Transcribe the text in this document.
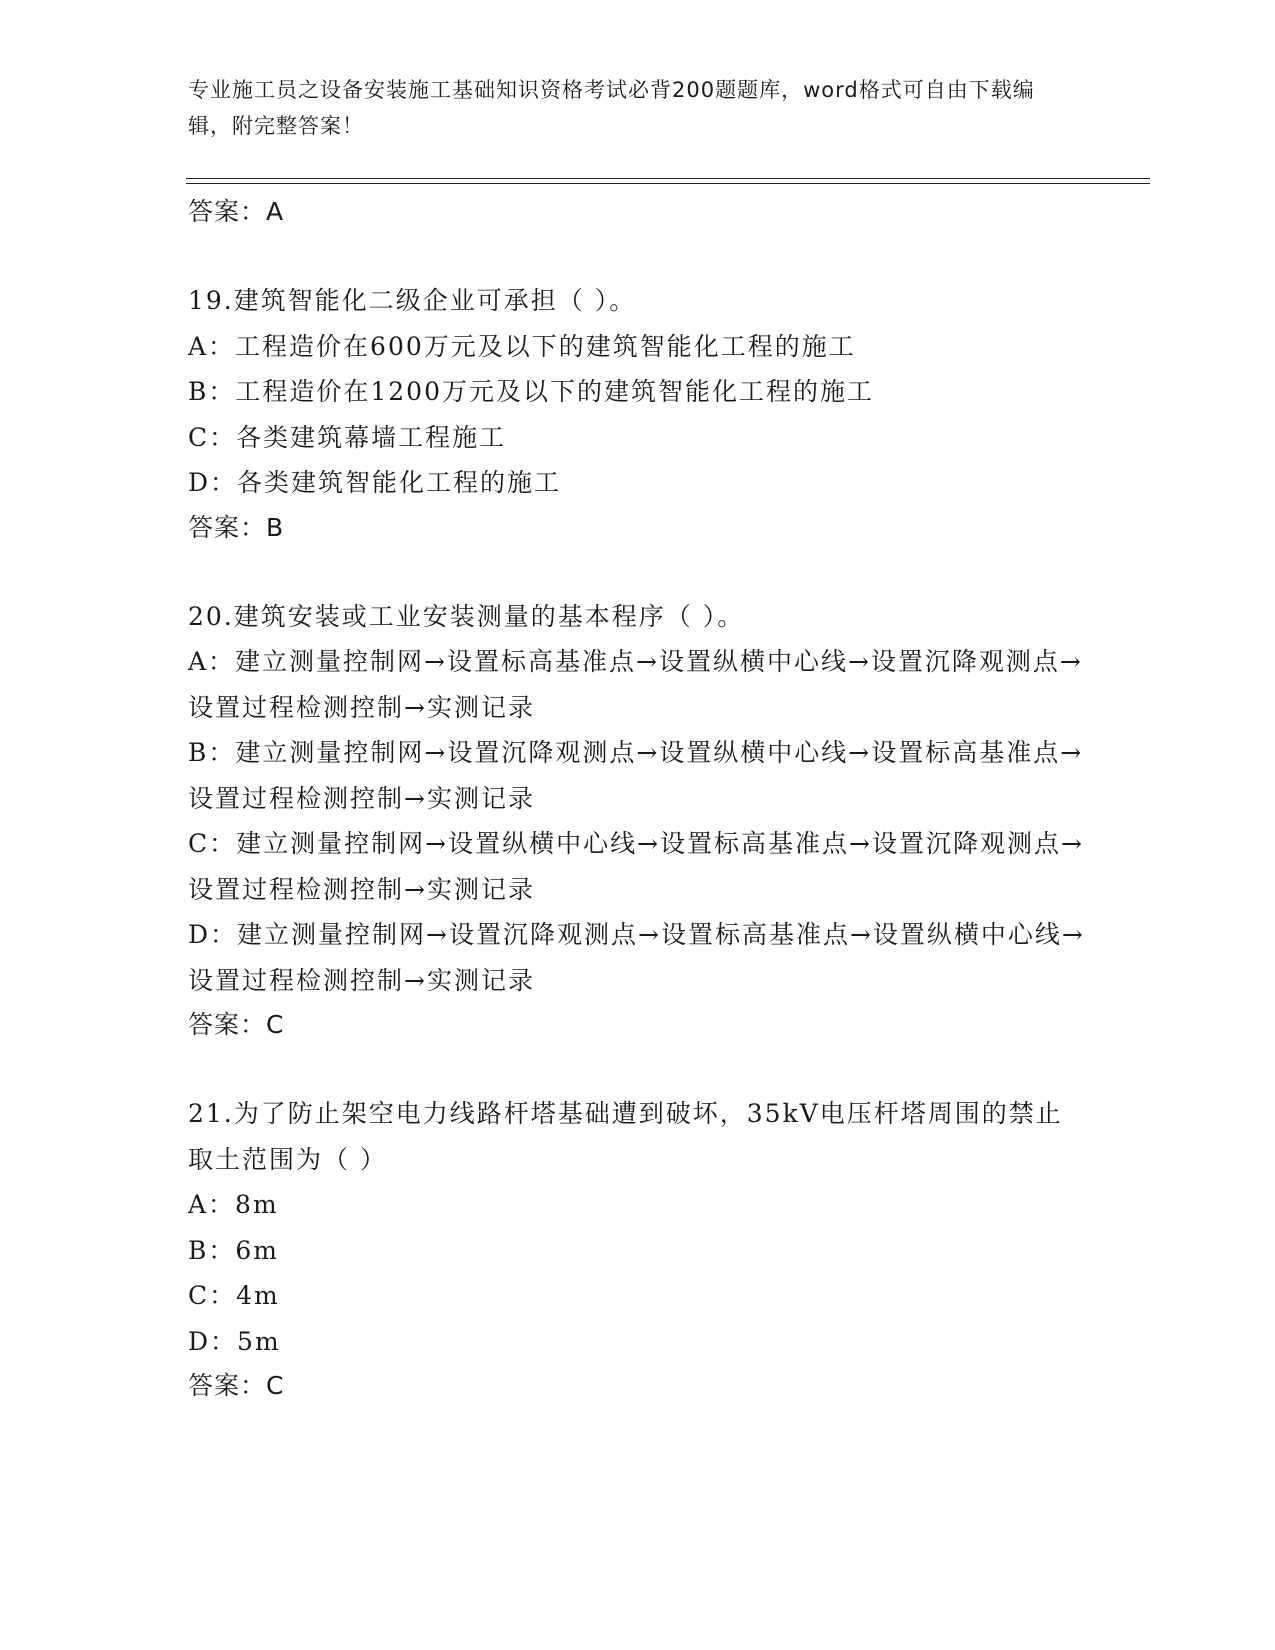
专业施工员之设备安装施工基础知识资格考试必背200题题库，word格式可自由下载编辑，附完整答案！
答案：A
19.建筑智能化二级企业可承担（ ）。
A：工程造价在600万元及以下的建筑智能化工程的施工
B：工程造价在1200万元及以下的建筑智能化工程的施工
C：各类建筑幕墙工程施工
D：各类建筑智能化工程的施工
答案：B
20.建筑安装或工业安装测量的基本程序（ ）。
A：建立测量控制网→设置标高基准点→设置纵横中心线→设置沉降观测点→设置过程检测控制→实测记录
B：建立测量控制网→设置沉降观测点→设置纵横中心线→设置标高基准点→设置过程检测控制→实测记录
C：建立测量控制网→设置纵横中心线→设置标高基准点→设置沉降观测点→设置过程检测控制→实测记录
D：建立测量控制网→设置沉降观测点→设置标高基准点→设置纵横中心线→设置过程检测控制→实测记录
答案：C
21.为了防止架空电力线路杆塔基础遭到破坏，35kV电压杆塔周围的禁止取土范围为（ ）
A：8m
B：6m
C：4m
D：5m
答案：C
